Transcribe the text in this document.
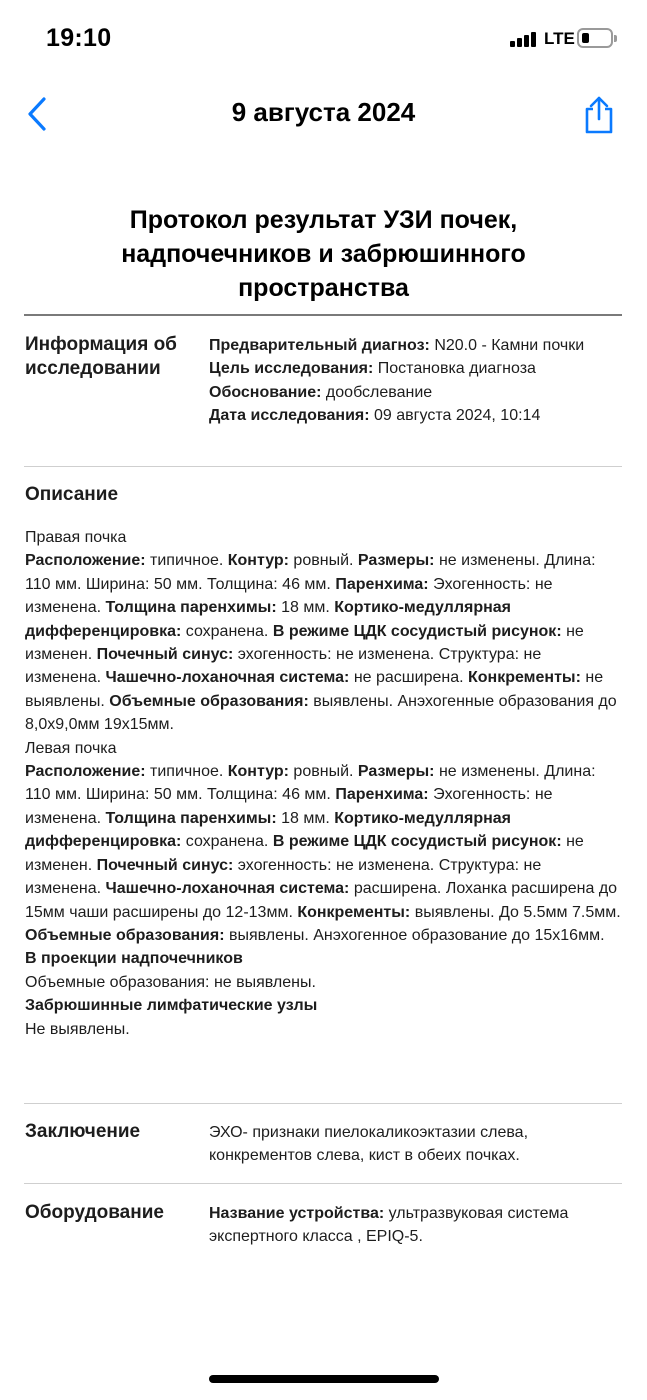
19:10	LTE
9 августа 2024
Протокол результат УЗИ почек,
надпочечников и забрюшинного
пространства
Информация об
исследовании

Предварительный диагноз: N20.0 - Камни почки

Цель исследования: Постановка диагноза

Обоснование: дообслевание

Дата исследования: 09 августа 2024, 10:14

Описание

Правая почка

Расположение: типичное. Контур: ровный. Размеры: не изменены. Длина: 110 мм. Ширина: 50 мм. Толщина: 46 мм. Паренхима: Эхогенность: не изменена. Толщина паренхимы: 18 мм. Кортико-медуллярная дифференцировка: сохранена. В режиме ЦДК сосудистый рисунок: не изменен. Почечный синус: эхогенность: не изменена. Структура: не изменена. Чашечно-лоханочная система: не расширена. Конкременты: не выявлены. Объемные образования: выявлены. Анэхогенные образования до 8,0х9,0мм 19х15мм.

Левая почка

Расположение: типичное. Контур: ровный. Размеры: не изменены. Длина: 110 мм. Ширина: 50 мм. Толщина: 46 мм. Паренхима: Эхогенность: не изменена. Толщина паренхимы: 18 мм. Кортико-медуллярная дифференцировка: сохранена. В режиме ЦДК сосудистый рисунок: не изменен. Почечный синус: эхогенность: не изменена. Структура: не изменена. Чашечно-лоханочная система: расширена. Лоханка расширена до 15мм чаши расширены до 12-13мм. Конкременты: выявлены. До 5.5мм 7.5мм. Объемные образования: выявлены. Анэхогенное образование до 15х16мм.

В проекции надпочечников

Объемные образования: не выявлены.

Забрюшинные лимфатические узлы

Не выявлены.

Заключение	ЭХО- признаки пиелокаликоэктазии слева, конкрементов слева, кист в обеих почках.
Оборудование	Название устройства: ультразвуковая система экспертного класса , EPIQ-5.
